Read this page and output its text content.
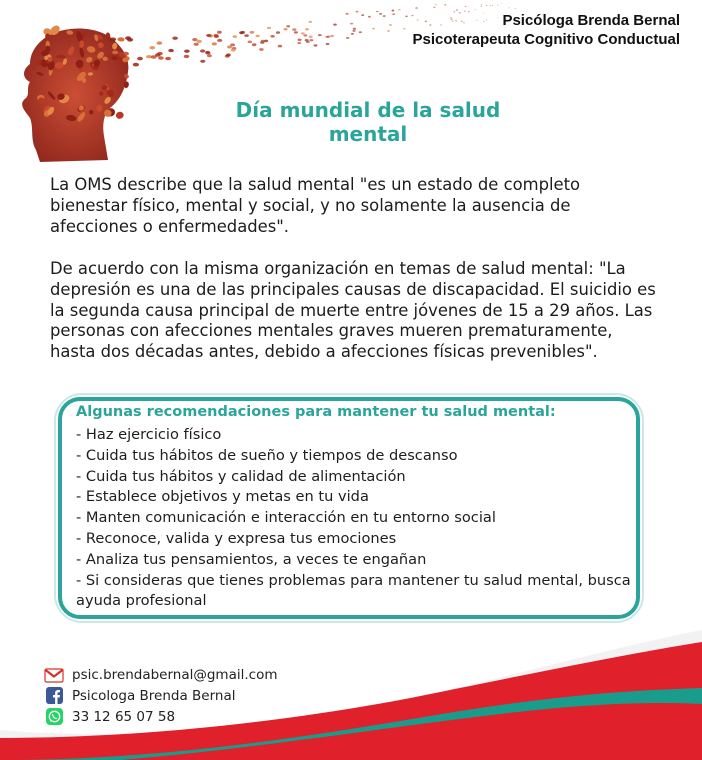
Psicóloga Brenda Bernal
Psicoterapeuta Cognitivo Conductual
Día mundial de la salud mental
La OMS describe que la salud mental "es un estado de completo bienestar físico, mental y social, y no solamente la ausencia de afecciones o enfermedades".
De acuerdo con la misma organización en temas de salud mental: "La depresión es una de las principales causas de discapacidad. El suicidio es la segunda causa principal de muerte entre jóvenes de 15 a 29 años. Las personas con afecciones mentales graves mueren prematuramente, hasta dos décadas antes, debido a afecciones físicas prevenibles".
Algunas recomendaciones para mantener tu salud mental:
- Haz ejercicio físico
- Cuida tus hábitos de sueño y tiempos de descanso
- Cuida tus hábitos y calidad de alimentación
- Establece objetivos y metas en tu vida
- Manten comunicación e interacción en tu entorno social
- Reconoce, valida y expresa tus emociones
- Analiza tus pensamientos, a veces te engañan
- Si consideras que tienes problemas para mantener tu salud mental, busca ayuda profesional
psic.brendabernal@gmail.com
Psicologa Brenda Bernal
33 12 65 07 58
